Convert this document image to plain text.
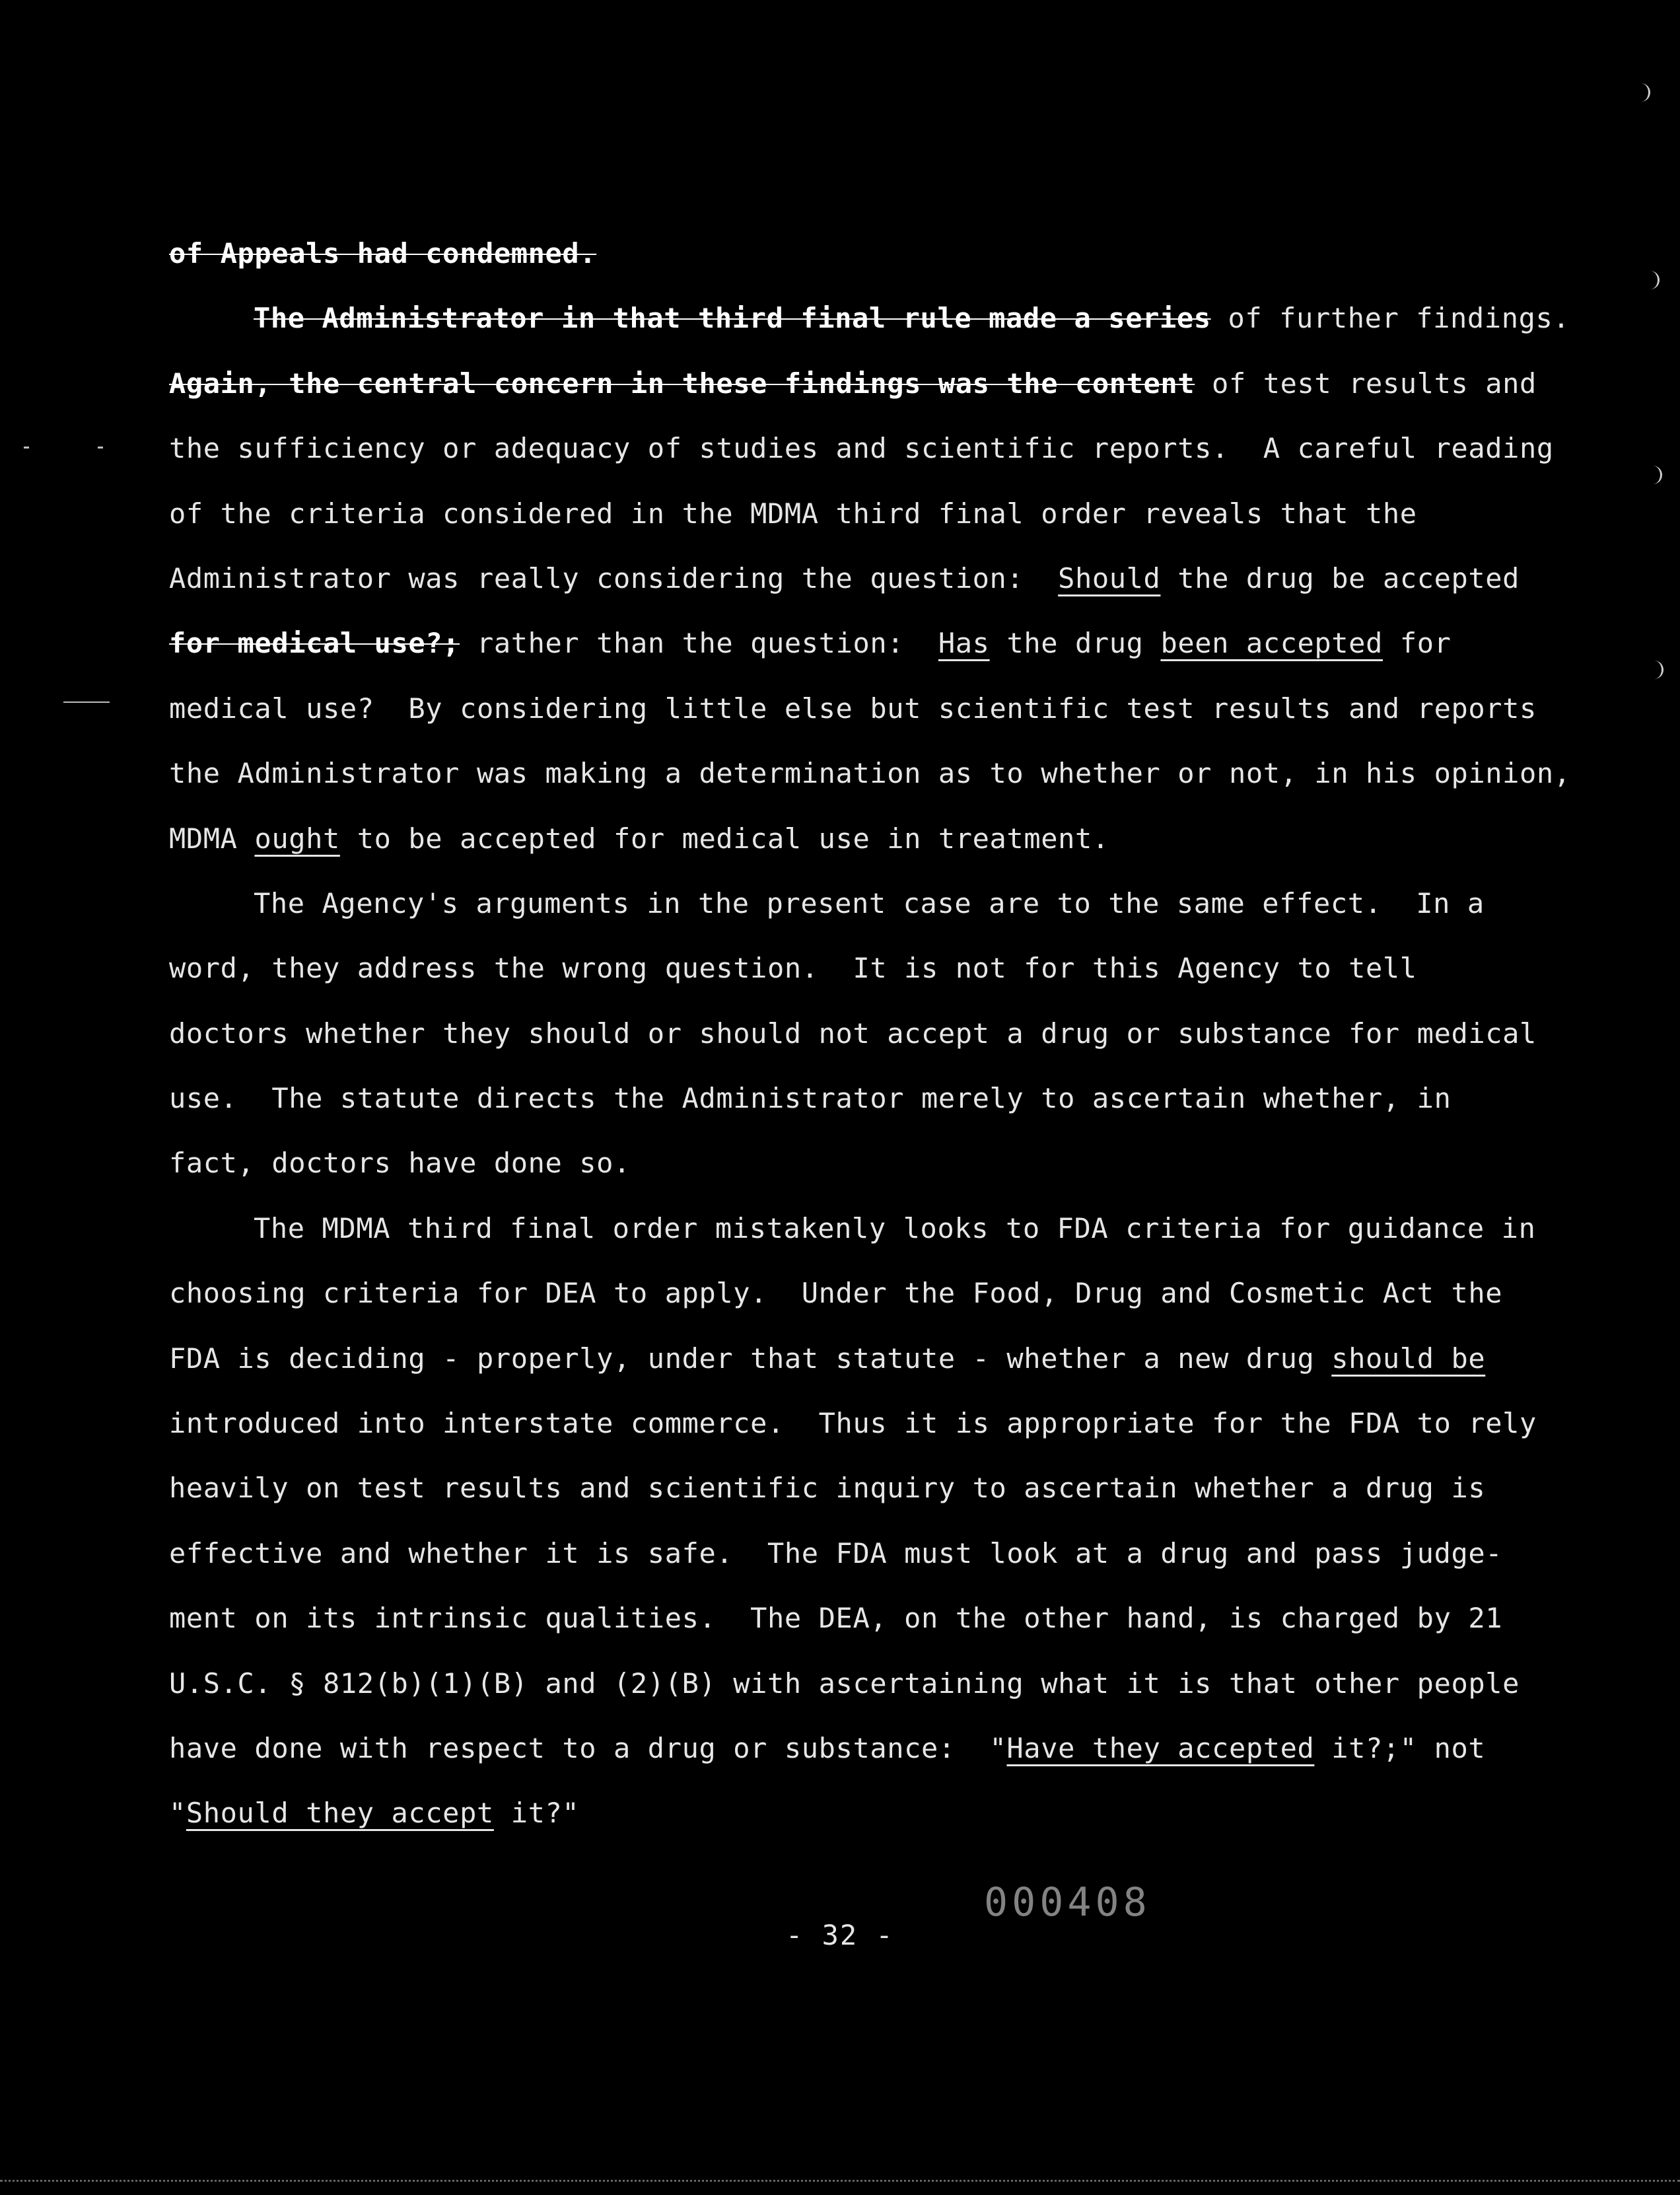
of Appeals had condemned.
The Administrator in that third final rule made a series of further findings.
Again, the central concern in these findings was the content of test results and
the sufficiency or adequacy of studies and scientific reports.  A careful reading
of the criteria considered in the MDMA third final order reveals that the
Administrator was really considering the question:  Should the drug be accepted
for medical use?; rather than the question:  Has the drug been accepted for
medical use?  By considering little else but scientific test results and reports
the Administrator was making a determination as to whether or not, in his opinion,
MDMA ought to be accepted for medical use in treatment.
The Agency's arguments in the present case are to the same effect.  In a
word, they address the wrong question.  It is not for this Agency to tell
doctors whether they should or should not accept a drug or substance for medical
use.  The statute directs the Administrator merely to ascertain whether, in
fact, doctors have done so.
The MDMA third final order mistakenly looks to FDA criteria for guidance in
choosing criteria for DEA to apply.  Under the Food, Drug and Cosmetic Act the
FDA is deciding - properly, under that statute - whether a new drug should be
introduced into interstate commerce.  Thus it is appropriate for the FDA to rely
heavily on test results and scientific inquiry to ascertain whether a drug is
effective and whether it is safe.  The FDA must look at a drug and pass judge-
ment on its intrinsic qualities.  The DEA, on the other hand, is charged by 21
U.S.C. § 812(b)(1)(B) and (2)(B) with ascertaining what it is that other people
have done with respect to a drug or substance:  "Have they accepted it?;" not
"Should they accept it?"
- 32 -
000408
